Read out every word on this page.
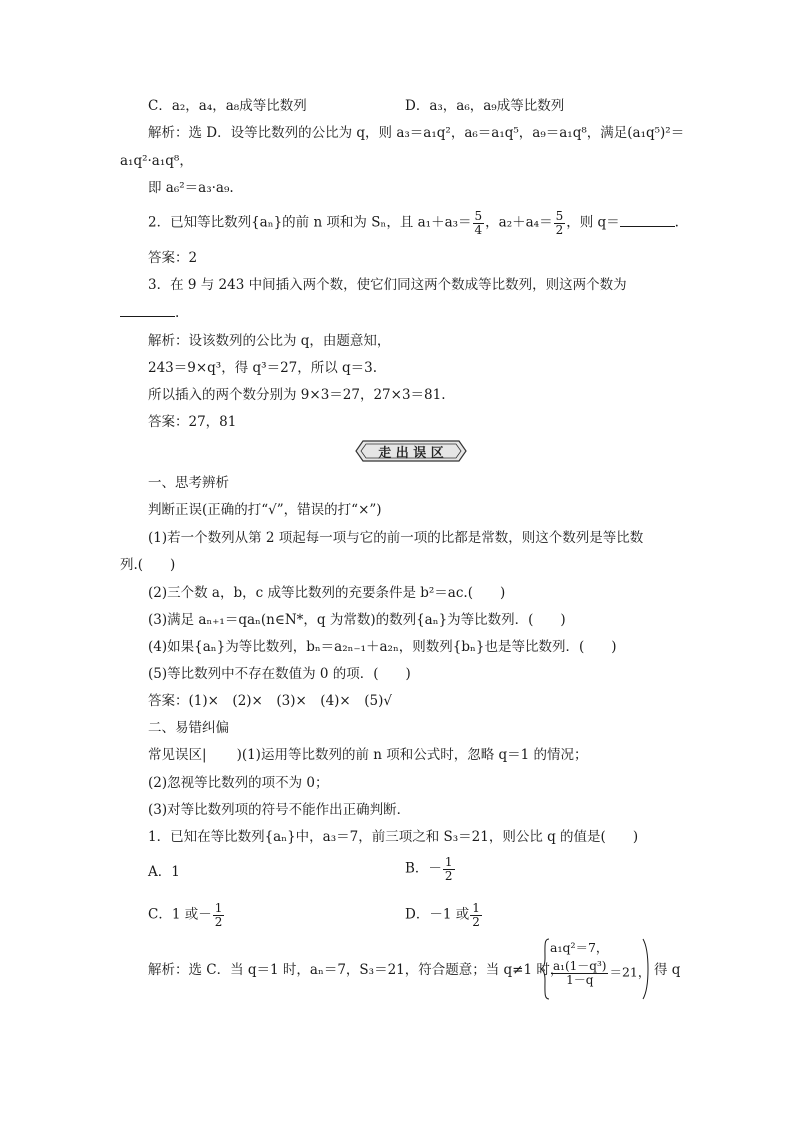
C．a₂，a₄，a₈成等比数列	D．a₃，a₆，a₉成等比数列
解析：选 D．设等比数列的公比为 q，则 a₃＝a₁q²，a₆＝a₁q⁵，a₉＝a₁q⁸，满足(a₁q⁵)²＝
a₁q²·a₁q⁸，
即 a₆²＝a₃·a₉.
2．已知等比数列{aₙ}的前 n 项和为 Sₙ，且 $a_1+a_3= \frac{5}{4}$ ，$a_2+a_4= \frac{5}{2}$ ，则 q＝	.
答案：2
3．在 9 与 243 中间插入两个数，使它们同这两个数成等比数列，则这两个数为
.
解析：设该数列的公比为 q，由题意知，
243＝9×q³，得 q³＝27，所以 q＝3.
所以插入的两个数分别为 9×3＝27，27×3＝81.
答案：27，81
走 出 误 区
一、思考辨析
判断正误(正确的打“√”，错误的打“×”)
(1)若一个数列从第 2 项起每一项与它的前一项的比都是常数，则这个数列是等比数
列.(　　)
(2)三个数 a，b，c 成等比数列的充要条件是 b²＝ac.(　　)
(3)满足 aₙ₊₁＝qaₙ(n∈N*，q 为常数)的数列{aₙ}为等比数列．(　　)
(4)如果{aₙ}为等比数列，bₙ＝a₂ₙ₋₁＋a₂ₙ，则数列{bₙ}也是等比数列．(　　)
(5)等比数列中不存在数值为 0 的项．(　　)
答案：(1)×　(2)×　(3)×　(4)×　(5)√
二、易错纠偏
常见误区| )(1)运用等比数列的前 n 项和公式时，忽略 q＝1 的情况；
(2)忽视等比数列的项不为 0；
(3)对等比数列项的符号不能作出正确判断．
1．已知在等比数列{aₙ}中，a₃＝7，前三项之和 S₃＝21，则公比 q 的值是(　　)
A．1	B．－ $\frac{1}{2}$
C．1 或－ $\frac{1}{2}$	D．－1 或 $\frac{1}{2}$
解析：选 C．当 q＝1 时，aₙ＝7，S₃＝21，符合题意；当 q≠1 时，
a₁q²＝7，
$\frac{\text{a₁(1－q³)}}{1-q} =21$， 得 q
